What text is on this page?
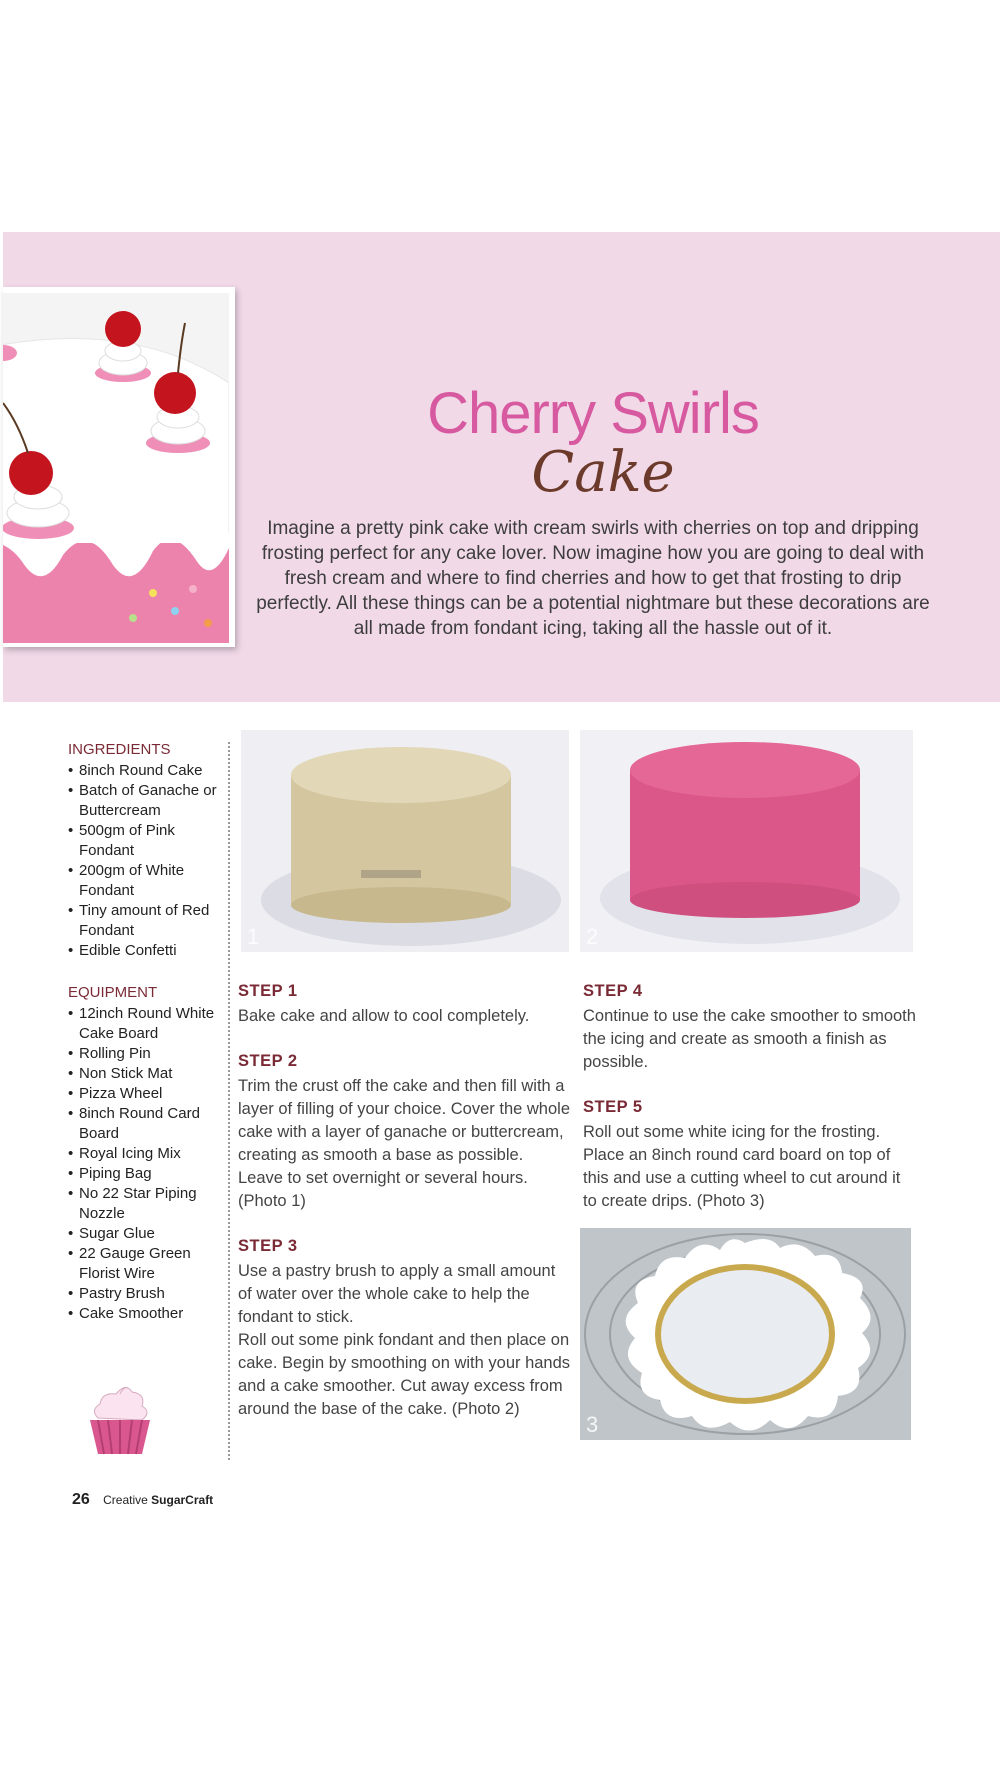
Cherry Swirls
Cake
Imagine a pretty pink cake with cream swirls with cherries on top and dripping frosting perfect for any cake lover. Now imagine how you are going to deal with fresh cream and where to find cherries and how to get that frosting to drip perfectly. All these things can be a potential nightmare but these decorations are all made from fondant icing, taking all the hassle out of it.
INGREDIENTS
• 8inch Round Cake
• Batch of Ganache or Buttercream
• 500gm of Pink Fondant
• 200gm of White Fondant
• Tiny amount of Red Fondant
• Edible Confetti
EQUIPMENT
• 12inch Round White Cake Board
• Rolling Pin
• Non Stick Mat
• Pizza Wheel
• 8inch Round Card Board
• Royal Icing Mix
• Piping Bag
• No 22 Star Piping Nozzle
• Sugar Glue
• 22 Gauge Green Florist Wire
• Pastry Brush
• Cake Smoother
1	2
3
STEP 1
Bake cake and allow to cool completely.
STEP 2
Trim the crust off the cake and then fill with a layer of filling of your choice. Cover the whole cake with a layer of ganache or buttercream, creating as smooth a base as possible. Leave to set overnight or several hours. (Photo 1)
STEP 3
Use a pastry brush to apply a small amount of water over the whole cake to help the fondant to stick.
Roll out some pink fondant and then place on cake. Begin by smoothing on with your hands and a cake smoother. Cut away excess from around the base of the cake. (Photo 2)
STEP 4
Continue to use the cake smoother to smooth the icing and create as smooth a finish as possible.
STEP 5
Roll out some white icing for the frosting. Place an 8inch round card board on top of this and use a cutting wheel to cut around it to create drips. (Photo 3)
26 Creative SugarCraft
